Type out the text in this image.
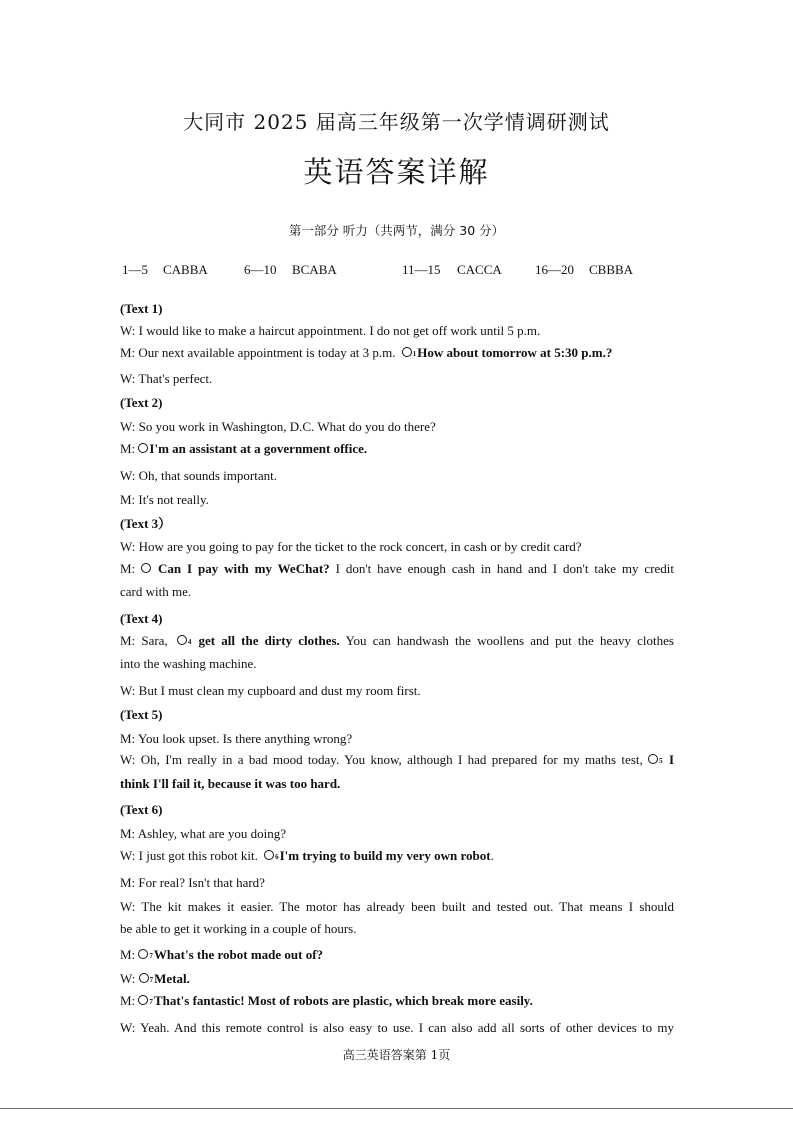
大同市 2025 届高三年级第一次学情调研测试
英语答案详解
第一部分 听力（共两节，满分 30 分）
1—5 CABBA	6—10 BCABA	11—15 CACCA	16—20 CBBBA
(Text 1)
W: I would like to make a haircut appointment. I do not get off work until 5 p.m.
M: Our next available appointment is today at 3 p.m. 1How about tomorrow at 5:30 p.m.?
W: That's perfect.
(Text 2)
W: So you work in Washington, D.C. What do you do there?
M: I'm an assistant at a government office.
W: Oh, that sounds important.
M: It's not really.
(Text 3）
W: How are you going to pay for the ticket to the rock concert, in cash or by credit card?
M:  Can I pay with my WeChat? I don't have enough cash in hand and I don't take my credit
card with me.
(Text 4)
M: Sara, 4 get all the dirty clothes. You can handwash the woollens and put the heavy clothes
into the washing machine.
W: But I must clean my cupboard and dust my room first.
(Text 5)
M: You look upset. Is there anything wrong?
W: Oh, I'm really in a bad mood today. You know, although I had prepared for my maths test, 5 I
think I'll fail it, because it was too hard.
(Text 6)
M: Ashley, what are you doing?
W: I just got this robot kit. 6I'm trying to build my very own robot.
M: For real? Isn't that hard?
W: The kit makes it easier. The motor has already been built and tested out. That means I should
be able to get it working in a couple of hours.
M: 7What's the robot made out of?
W: 7Metal.
M: 7That's fantastic! Most of robots are plastic, which break more easily.
W: Yeah. And this remote control is also easy to use. I can also add all sorts of other devices to my
高三英语答案第 1页
